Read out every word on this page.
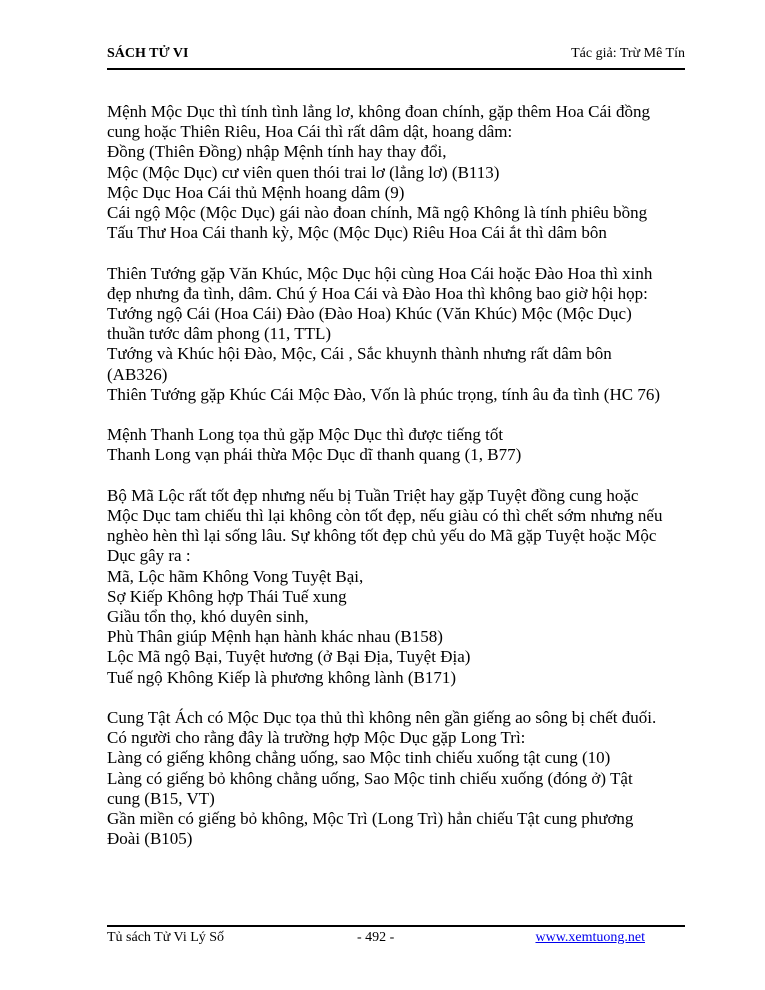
SÁCH TỬ VI	Tác giả: Trừ Mê Tín
Mệnh Mộc Dục thì tính tình lẳng lơ, không đoan chính, gặp thêm Hoa Cái đồng
cung hoặc Thiên Riêu, Hoa Cái thì rất dâm dật, hoang dâm:
Đồng (Thiên Đồng) nhập Mệnh tính hay thay đổi,
Mộc (Mộc Dục) cư viên quen thói trai lơ (lẳng lơ) (B113)
Mộc Dục Hoa Cái thủ Mệnh hoang dâm (9)
Cái ngộ Mộc (Mộc Dục) gái nào đoan chính, Mã ngộ Không là tính phiêu bồng
Tấu Thư Hoa Cái thanh kỳ, Mộc (Mộc Dục) Riêu Hoa Cái ắt thì dâm bôn
Thiên Tướng gặp Văn Khúc, Mộc Dục hội cùng Hoa Cái hoặc Đào Hoa thì xinh
đẹp nhưng đa tình, dâm. Chú ý Hoa Cái và Đào Hoa thì không bao giờ hội họp:
Tướng ngộ Cái (Hoa Cái) Đào (Đào Hoa) Khúc (Văn Khúc) Mộc (Mộc Dục)
thuần tước dâm phong (11, TTL)
Tướng và Khúc hội Đào, Mộc, Cái , Sắc khuynh thành nhưng rất dâm bôn
(AB326)
Thiên Tướng gặp Khúc Cái Mộc Đào, Vốn là phúc trọng, tính âu đa tình (HC 76)
Mệnh Thanh Long tọa thủ gặp Mộc Dục thì được tiếng tốt
Thanh Long vạn phái thừa Mộc Dục dĩ thanh quang (1, B77)
Bộ Mã Lộc rất tốt đẹp nhưng nếu bị Tuần Triệt hay gặp Tuyệt đồng cung hoặc
Mộc Dục tam chiếu thì lại không còn tốt đẹp, nếu giàu có thì chết sớm nhưng nếu
nghèo hèn thì lại sống lâu. Sự không tốt đẹp chủ yếu do Mã gặp Tuyệt hoặc Mộc
Dục gây ra :
Mã, Lộc hãm Không Vong Tuyệt Bại,
Sợ Kiếp Không hợp Thái Tuế xung
Giầu tổn thọ, khó duyên sinh,
Phù Thân giúp Mệnh hạn hành khác nhau (B158)
Lộc Mã ngộ Bại, Tuyệt hương (ở Bại Địa, Tuyệt Địa)
Tuế ngộ Không Kiếp là phương không lành (B171)
Cung Tật Ách có Mộc Dục tọa thủ thì không nên gần giếng ao sông bị chết đuối.
Có người cho rằng đây là trường hợp Mộc Dục gặp Long Trì:
Làng có giếng không chẳng uống, sao Mộc tinh chiếu xuống tật cung (10)
Làng có giếng bỏ không chẳng uống, Sao Mộc tinh chiếu xuống (đóng ở) Tật
cung (B15, VT)
Gần miền có giếng bỏ không, Mộc Trì (Long Trì) hẳn chiếu Tật cung phương
Đoài (B105)
Tủ sách Tử Vi Lý Số	- 492 -	www.xemtuong.net
